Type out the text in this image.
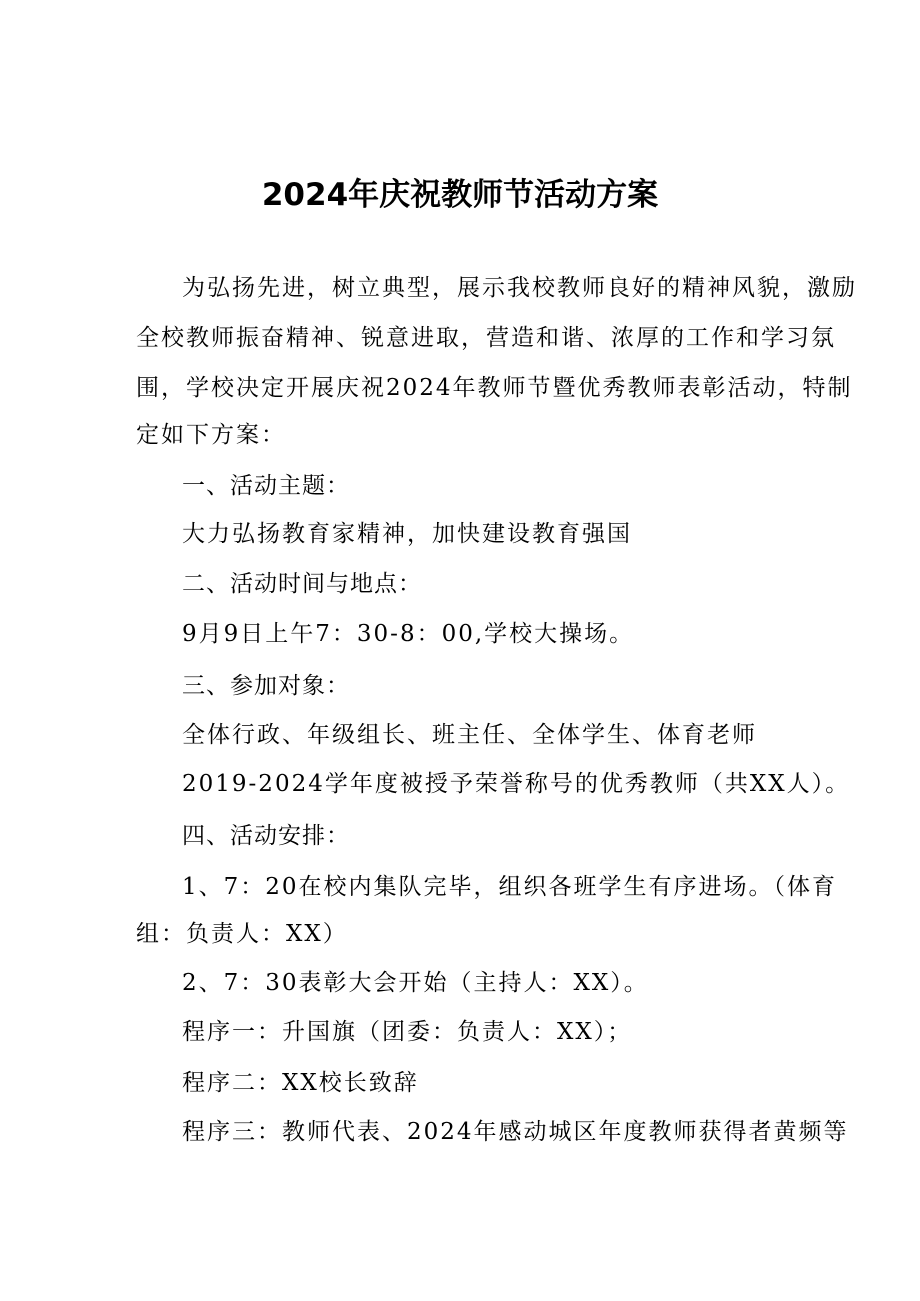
2024年庆祝教师节活动方案
为弘扬先进，树立典型，展示我校教师良好的精神风貌，激励
全校教师振奋精神、锐意进取，营造和谐、浓厚的工作和学习氛
围，学校决定开展庆祝2024年教师节暨优秀教师表彰活动，特制
定如下方案：
一、活动主题：
大力弘扬教育家精神，加快建设教育强国
二、活动时间与地点：
9月9日上午7：30-8：00,学校大操场。
三、参加对象：
全体行政、年级组长、班主任、全体学生、体育老师
2019-2024学年度被授予荣誉称号的优秀教师（共XX人）。
四、活动安排：
1、7：20在校内集队完毕，组织各班学生有序进场。（体育
组：负责人：XX）
2、7：30表彰大会开始（主持人：XX）。
程序一：升国旗（团委：负责人：XX）；
程序二：XX校长致辞
程序三：教师代表、2024年感动城区年度教师获得者黄频等
